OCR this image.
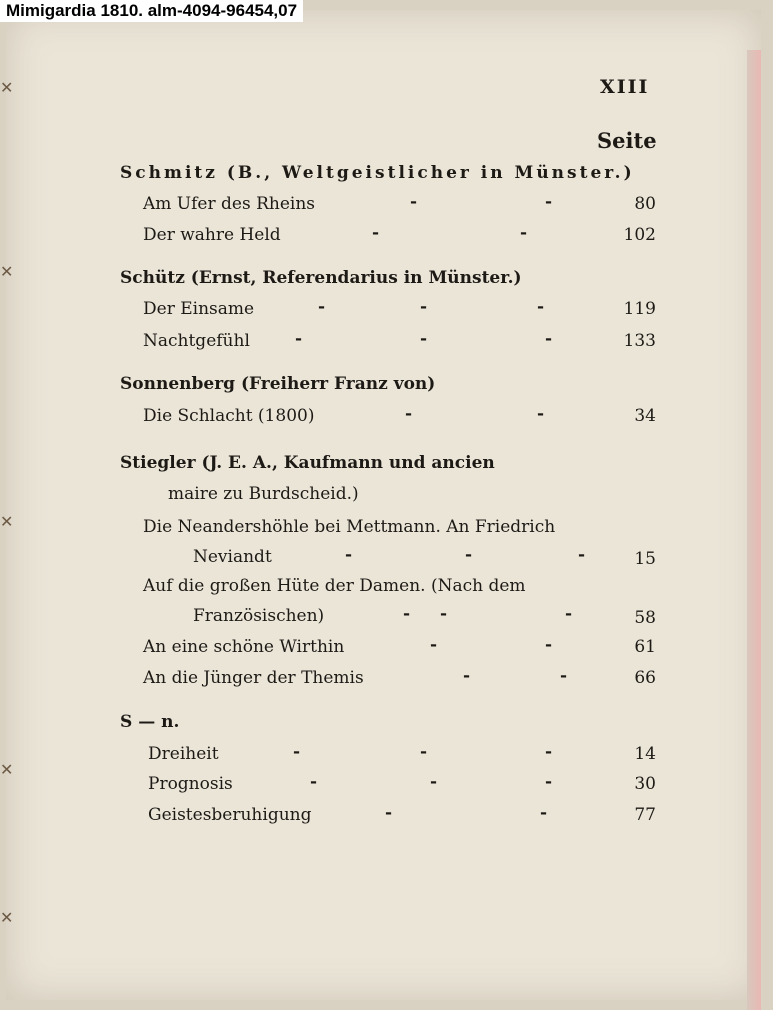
✕
✕
✕
✕
✕
Mimigardia 1810. alm-4094-96454,07
XIII
Seite
Schmitz (B., Weltgeistlicher in Münster.)
Am Ufer des Rheins	-	-	80
Der wahre Held	-	-	102
Schütz (Ernst, Referendarius in Münster.)
Der Einsame	-	-	-	119
Nachtgefühl	-	-	-	133
Sonnenberg (Freiherr Franz von)
Die Schlacht (1800)	-	-	34
Stiegler (J. E. A., Kaufmann und ancien
maire zu Burdscheid.)
Die Neandershöhle bei Mettmann. An Friedrich
Neviandt	-	-	-	15
Auf die großen Hüte der Damen. (Nach dem
Französischen)	- -	-	58
An eine schöne Wirthin	-	-	61
An die Jünger der Themis	-	-	66
S — n.
Dreiheit	-	-	-	14
Prognosis	-	-	-	30
Geistesberuhigung	-	-	77
